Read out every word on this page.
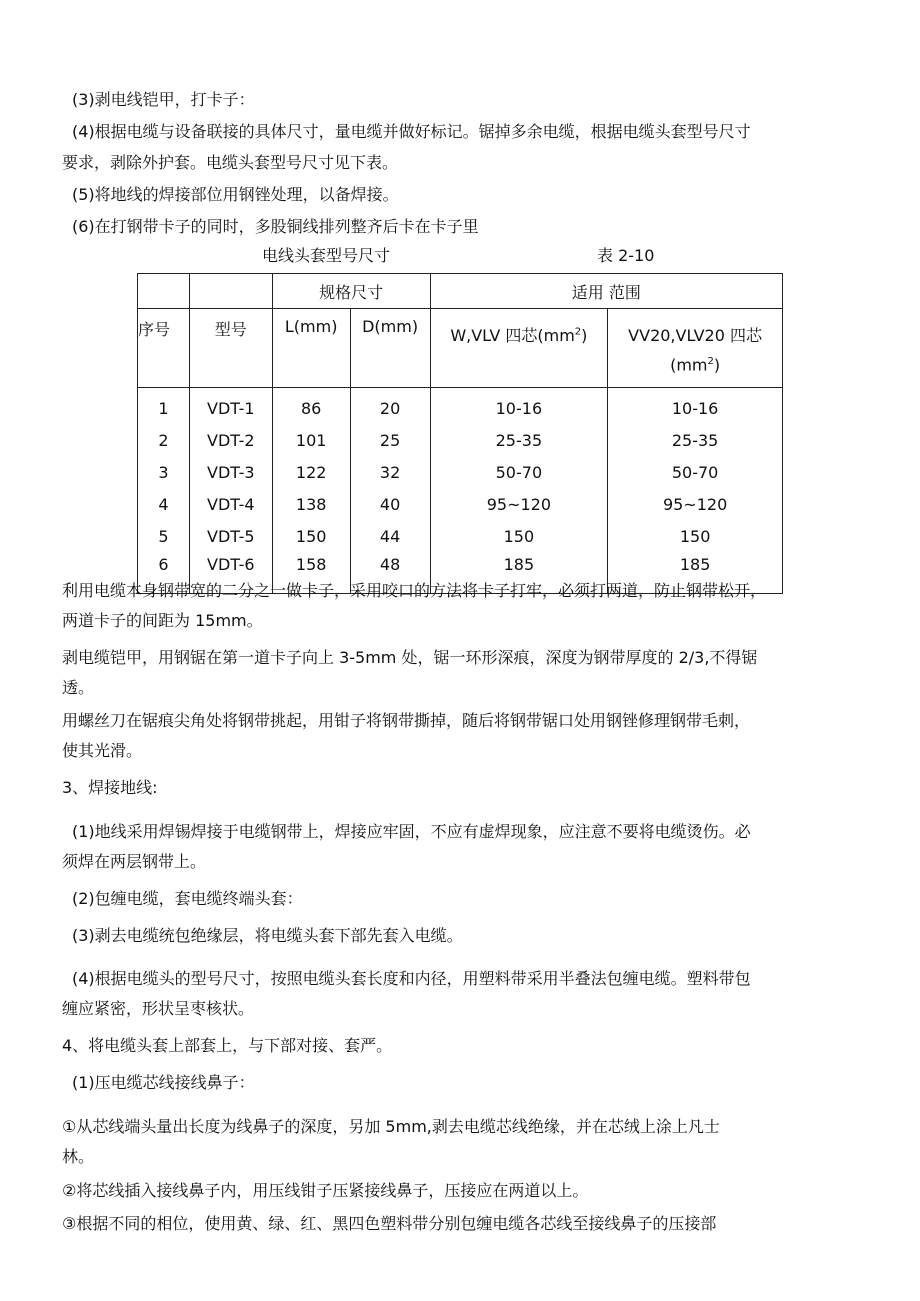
(3)剥电线铠甲，打卡子：
(4)根据电缆与设备联接的具体尺寸，量电缆并做好标记。锯掉多余电缆，根据电缆头套型号尺寸
要求，剥除外护套。电缆头套型号尺寸见下表。
(5)将地线的焊接部位用钢锉处理，以备焊接。
(6)在打钢带卡子的同时，多股铜线排列整齐后卡在卡子里
电线头套型号尺寸	表 2-10
		规格尺寸		适用 范围	
序号	型号	L(mm)	D(mm)	W,VLV 四芯$(mm^2)$	VV20,VLV20 四芯
$(mm^2)$
1	VDT-1	86	20	10-16	10-16
2	VDT-2	101	25	25-35	25-35
3	VDT-3	122	32	50-70	50-70
4	VDT-4	138	40	95~120	95~120
5	VDT-5	150	44	150	150
6	VDT-6	158	48	185	185
利用电缆本身钢带宽的二分之一做卡子，采用咬口的方法将卡子打牢，必须打两道，防止钢带松开，
两道卡子的间距为 15mm。
剥电缆铠甲，用钢锯在第一道卡子向上 3-5mm 处，锯一环形深痕，深度为钢带厚度的 2/3,不得锯
透。
用螺丝刀在锯痕尖角处将钢带挑起，用钳子将钢带撕掉，随后将钢带锯口处用钢锉修理钢带毛刺，
使其光滑。
3、焊接地线:
(1)地线采用焊锡焊接于电缆钢带上，焊接应牢固，不应有虚焊现象，应注意不要将电缆烫伤。必
须焊在两层钢带上。
(2)包缠电缆，套电缆终端头套：
(3)剥去电缆统包绝缘层，将电缆头套下部先套入电缆。
(4)根据电缆头的型号尺寸，按照电缆头套长度和内径，用塑料带采用半叠法包缠电缆。塑料带包
缠应紧密，形状呈枣核状。
4、将电缆头套上部套上，与下部对接、套严。
(1)压电缆芯线接线鼻子：
①从芯线端头量出长度为线鼻子的深度，另加 5mm,剥去电缆芯线绝缘，并在芯绒上涂上凡士
林。
②将芯线插入接线鼻子内，用压线钳子压紧接线鼻子，压接应在两道以上。
③根据不同的相位，使用黄、绿、红、黑四色塑料带分别包缠电缆各芯线至接线鼻子的压接部
